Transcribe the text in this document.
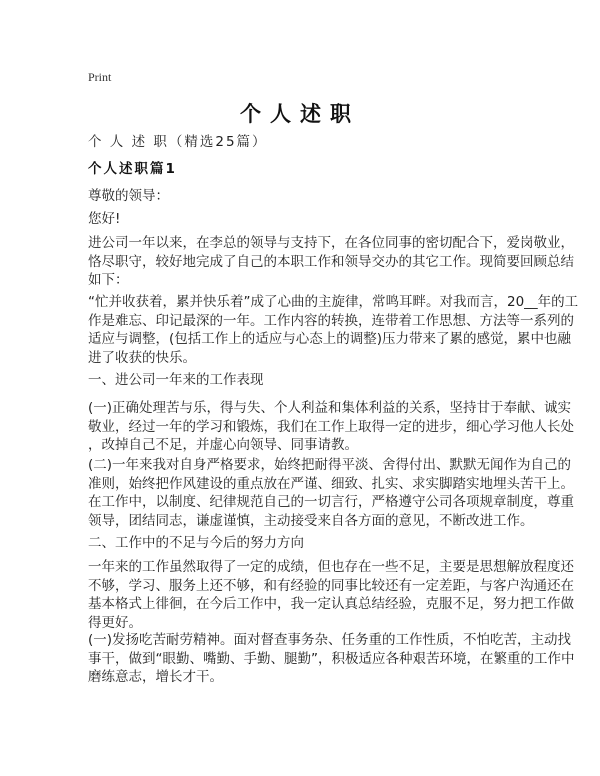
Print
个人述职
个 人 述 职（精选25篇）
个人述职篇1
尊敬的领导：
您好!
进公司一年以来，在李总的领导与支持下，在各位同事的密切配合下，爱岗敬业，
恪尽职守，较好地完成了自己的本职工作和领导交办的其它工作。现简要回顾总结
如下：
“忙并收获着，累并快乐着”成了心曲的主旋律，常鸣耳畔。对我而言，20__年的工
作是难忘、印记最深的一年。工作内容的转换，连带着工作思想、方法等一系列的
适应与调整，(包括工作上的适应与心态上的调整)压力带来了累的感觉，累中也融
进了收获的快乐。
一、进公司一年来的工作表现
(一)正确处理苦与乐，得与失、个人利益和集体利益的关系，坚持甘于奉献、诚实
敬业，经过一年的学习和锻炼，我们在工作上取得一定的进步，细心学习他人长处
，改掉自己不足，并虚心向领导、同事请教。
(二)一年来我对自身严格要求，始终把耐得平淡、舍得付出、默默无闻作为自己的
准则，始终把作风建设的重点放在严谨、细致、扎实、求实脚踏实地埋头苦干上。
在工作中，以制度、纪律规范自己的一切言行，严格遵守公司各项规章制度，尊重
领导，团结同志，谦虚谨慎，主动接受来自各方面的意见，不断改进工作。
二、工作中的不足与今后的努力方向
一年来的工作虽然取得了一定的成绩，但也存在一些不足，主要是思想解放程度还
不够，学习、服务上还不够，和有经验的同事比较还有一定差距，与客户沟通还在
基本格式上徘徊，在今后工作中，我一定认真总结经验，克服不足，努力把工作做
得更好。
(一)发扬吃苦耐劳精神。面对督查事务杂、任务重的工作性质，不怕吃苦，主动找
事干，做到“眼勤、嘴勤、手勤、腿勤”，积极适应各种艰苦环境，在繁重的工作中
磨练意志，增长才干。
